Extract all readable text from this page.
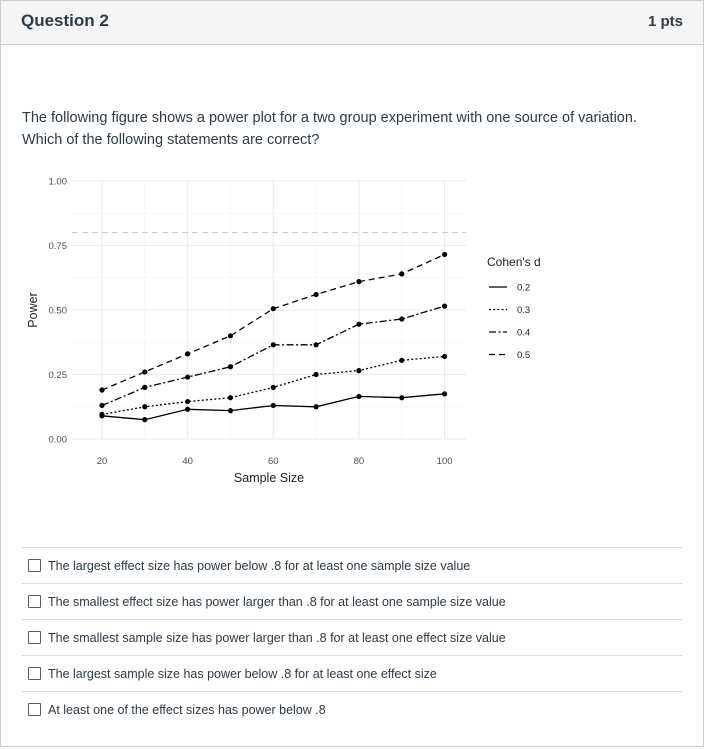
Question 2	1 pts

The following figure shows a power plot for a two group experiment with one source of variation.

Which of the following statements are correct?

0.00
0.25
0.50
0.75
1.00
20	40	60	80	100
Sample Size
Power
Cohen's d
0.2
0.3
0.4
0.5
The largest effect size has power below .8 for at least one sample size value
The smallest effect size has power larger than .8 for at least one sample size value
The smallest sample size has power larger than .8 for at least one effect size value
The largest sample size has power below .8 for at least one effect size
At least one of the effect sizes has power below .8
